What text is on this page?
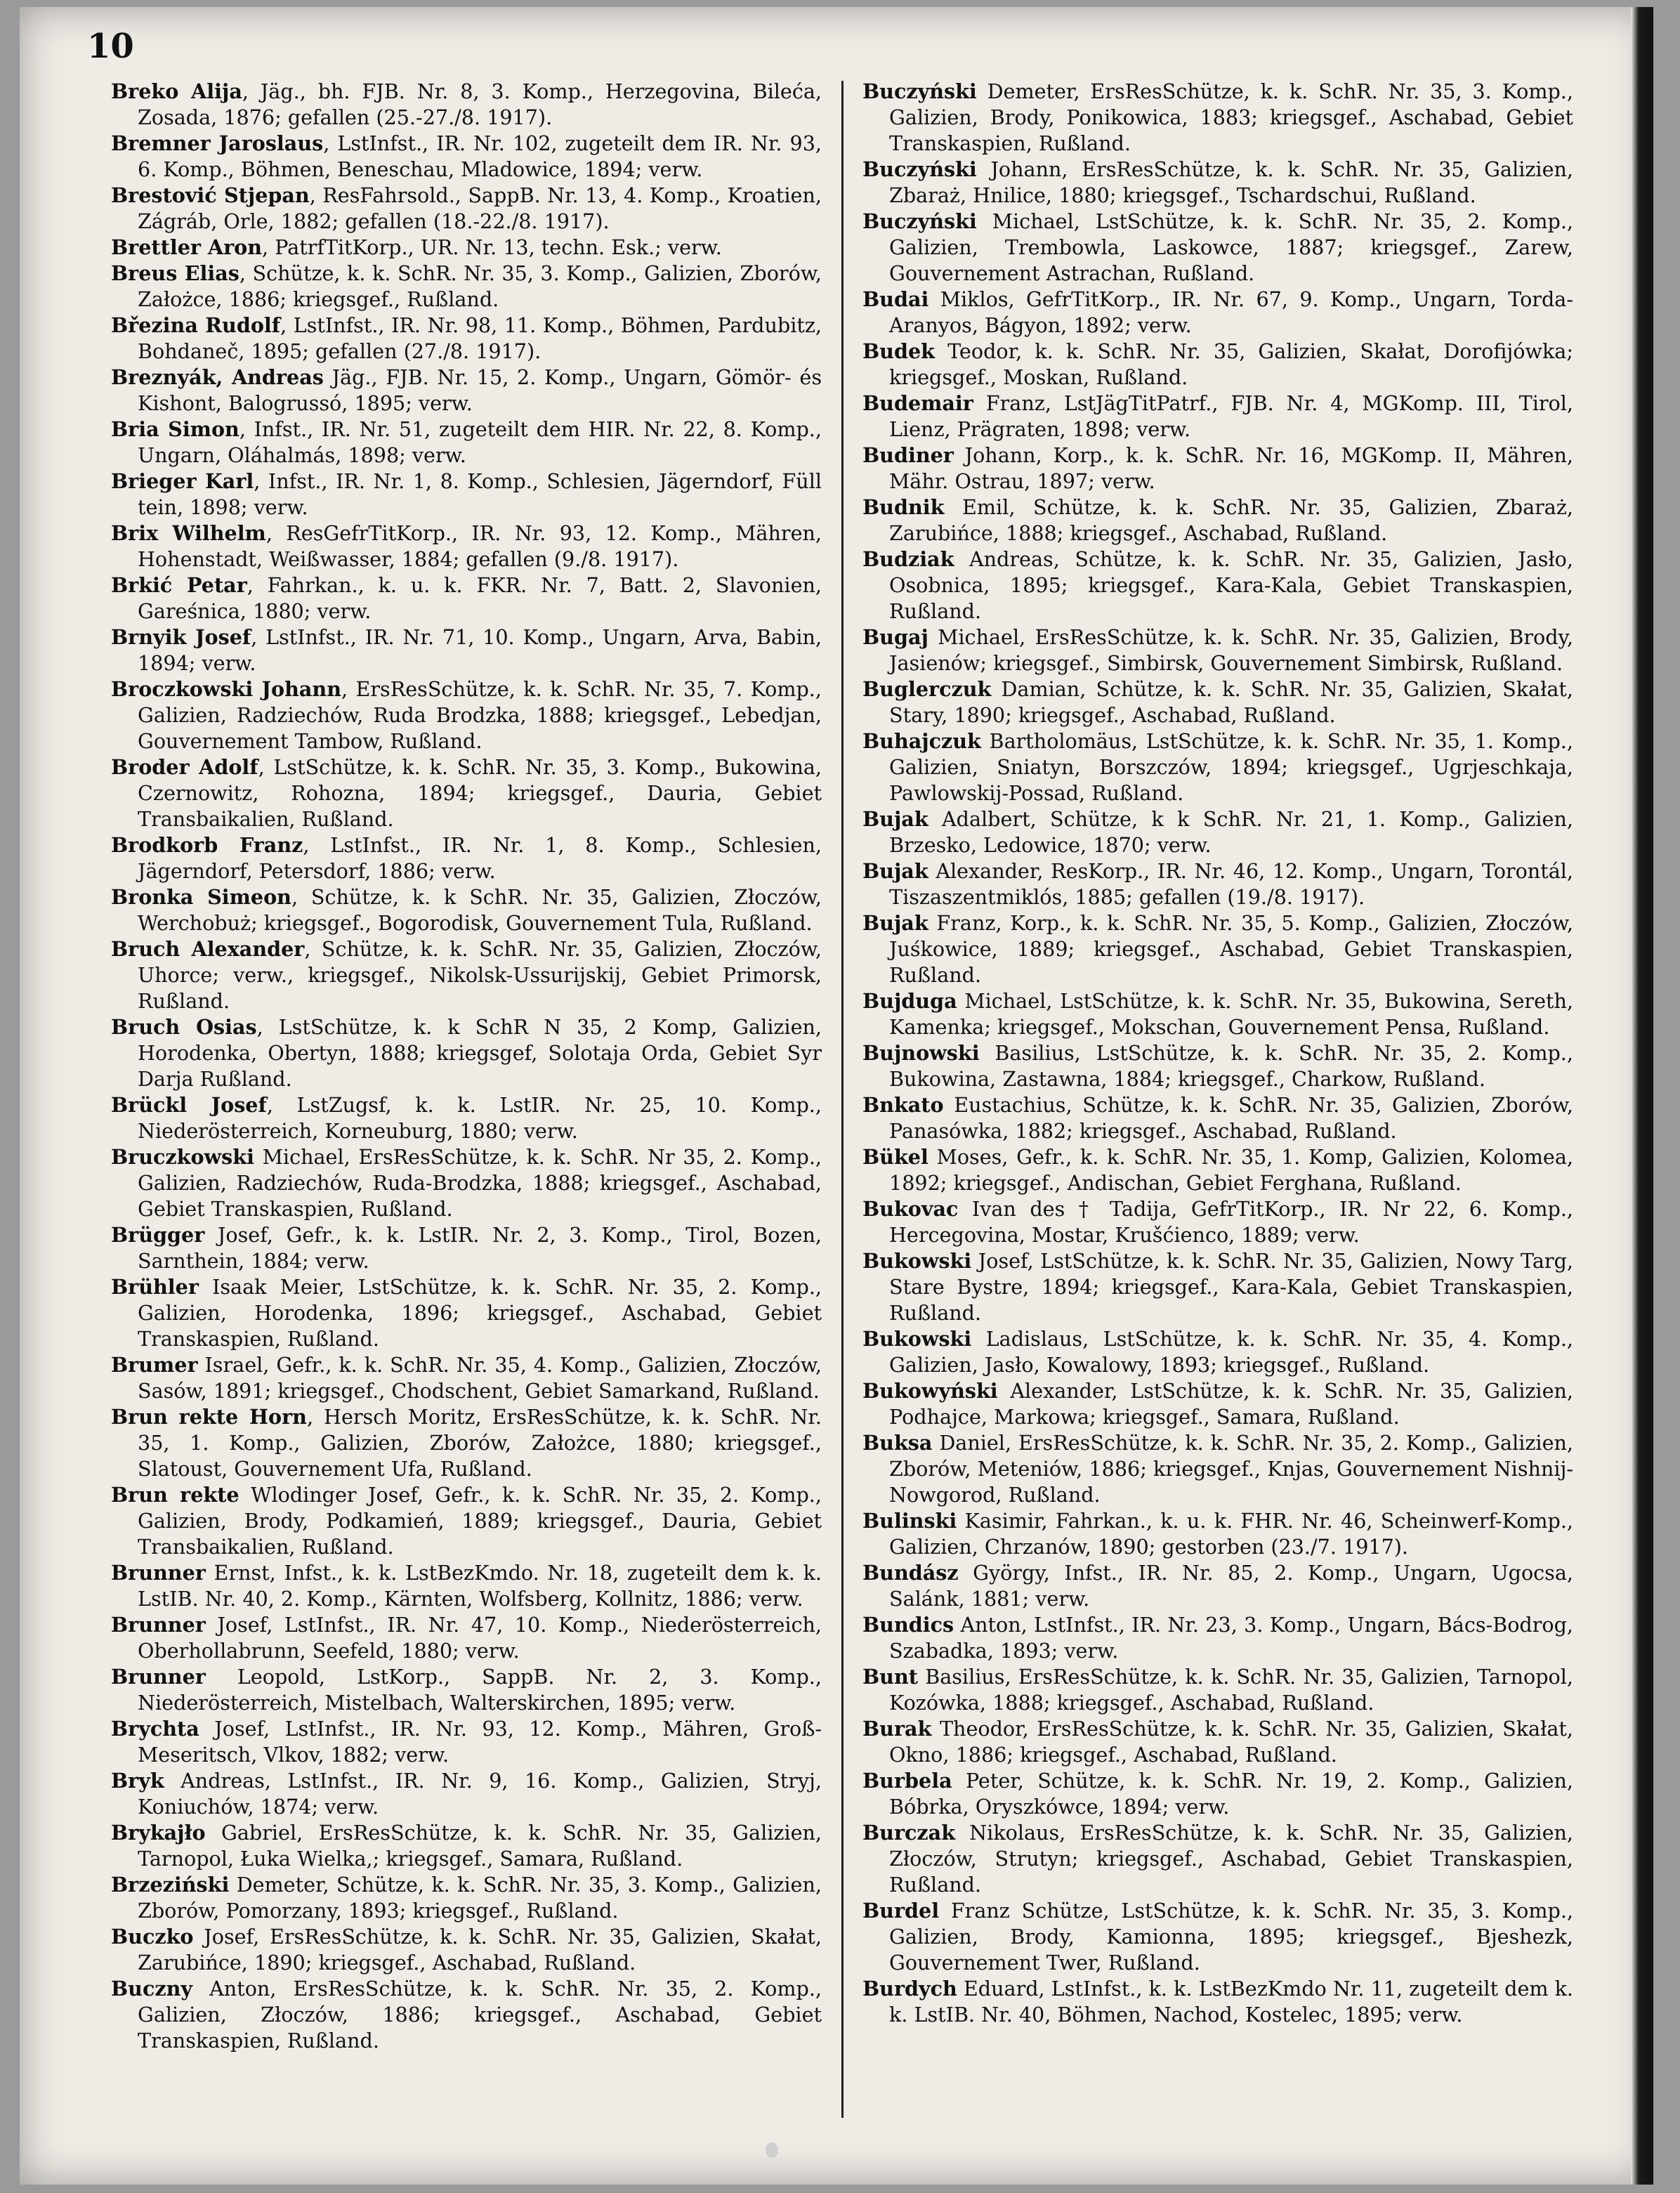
10

Breko Alija, Jäg., bh. FJB. Nr. 8, 3. Komp., Herzegovina, Bileća, Zosada, 1876; gefallen (25.-27./8. 1917).

Bremner Jaroslaus, LstInfst., IR. Nr. 102, zugeteilt dem IR. Nr. 93, 6. Komp., Böhmen, Beneschau, Mladowice, 1894; verw.

Brestović Stjepan, ResFahrsold., SappB. Nr. 13, 4. Komp., Kroatien, Zágráb, Orle, 1882; gefallen (18.-22./8. 1917).

Brettler Aron, PatrfTitKorp., UR. Nr. 13, techn. Esk.; verw.

Breus Elias, Schütze, k. k. SchR. Nr. 35, 3. Komp., Galizien, Zborów, Założce, 1886; kriegsgef., Rußland.

Březina Rudolf, LstInfst., IR. Nr. 98, 11. Komp., Böhmen, Pardubitz, Bohdaneč, 1895; gefallen (27./8. 1917).

Breznyák, Andreas Jäg., FJB. Nr. 15, 2. Komp., Ungarn, Gömör- és Kishont, Balogrussó, 1895; verw.

Bria Simon, Infst., IR. Nr. 51, zugeteilt dem HIR. Nr. 22, 8. Komp., Ungarn, Oláhalmás, 1898; verw.

Brieger Karl, Infst., IR. Nr. 1, 8. Komp., Schlesien, Jägerndorf, Füll tein, 1898; verw.

Brix Wilhelm, ResGefrTitKorp., IR. Nr. 93, 12. Komp., Mähren, Hohenstadt, Weißwasser, 1884; gefallen (9./8. 1917).

Brkić Petar, Fahrkan., k. u. k. FKR. Nr. 7, Batt. 2, Slavonien, Gareśnica, 1880; verw.

Brnyik Josef, LstInfst., IR. Nr. 71, 10. Komp., Ungarn, Arva, Babin, 1894; verw.

Broczkowski Johann, ErsResSchütze, k. k. SchR. Nr. 35, 7. Komp., Galizien, Radziechów, Ruda Brodzka, 1888; kriegsgef., Lebedjan, Gouvernement Tambow, Rußland.

Broder Adolf, LstSchütze, k. k. SchR. Nr. 35, 3. Komp., Bukowina, Czernowitz, Rohozna, 1894; kriegsgef., Dauria, Gebiet Transbaikalien, Rußland.

Brodkorb Franz, LstInfst., IR. Nr. 1, 8. Komp., Schlesien, Jägerndorf, Petersdorf, 1886; verw.

Bronka Simeon, Schütze, k. k SchR. Nr. 35, Galizien, Złoczów, Werchobuż; kriegsgef., Bogorodisk, Gouvernement Tula, Rußland.

Bruch Alexander, Schütze, k. k. SchR. Nr. 35, Galizien, Złoczów, Uhorce; verw., kriegsgef., Nikolsk-Ussurijskij, Gebiet Primorsk, Rußland.

Bruch Osias, LstSchütze, k. k SchR N 35, 2 Komp, Galizien, Horodenka, Obertyn, 1888; kriegsgef, Solotaja Orda, Gebiet Syr Darja Rußland.

Brückl Josef, LstZugsf, k. k. LstIR. Nr. 25, 10. Komp., Niederösterreich, Korneuburg, 1880; verw.

Bruczkowski Michael, ErsResSchütze, k. k. SchR. Nr 35, 2. Komp., Galizien, Radziechów, Ruda-Brodzka, 1888; kriegsgef., Aschabad, Gebiet Transkaspien, Rußland.

Brügger Josef, Gefr., k. k. LstIR. Nr. 2, 3. Komp., Tirol, Bozen, Sarnthein, 1884; verw.

Brühler Isaak Meier, LstSchütze, k. k. SchR. Nr. 35, 2. Komp., Galizien, Horodenka, 1896; kriegsgef., Aschabad, Gebiet Transkaspien, Rußland.

Brumer Israel, Gefr., k. k. SchR. Nr. 35, 4. Komp., Galizien, Złoczów, Sasów, 1891; kriegsgef., Chodschent, Gebiet Samarkand, Rußland.

Brun rekte Horn, Hersch Moritz, ErsResSchütze, k. k. SchR. Nr. 35, 1. Komp., Galizien, Zborów, Założce, 1880; kriegsgef., Slatoust, Gouvernement Ufa, Rußland.

Brun rekte Wlodinger Josef, Gefr., k. k. SchR. Nr. 35, 2. Komp., Galizien, Brody, Podkamień, 1889; kriegsgef., Dauria, Gebiet Transbaikalien, Rußland.

Brunner Ernst, Infst., k. k. LstBezKmdo. Nr. 18, zugeteilt dem k. k. LstIB. Nr. 40, 2. Komp., Kärnten, Wolfsberg, Kollnitz, 1886; verw.

Brunner Josef, LstInfst., IR. Nr. 47, 10. Komp., Niederösterreich, Oberhollabrunn, Seefeld, 1880; verw.

Brunner Leopold, LstKorp., SappB. Nr. 2, 3. Komp., Niederösterreich, Mistelbach, Walterskirchen, 1895; verw.

Brychta Josef, LstInfst., IR. Nr. 93, 12. Komp., Mähren, Groß-Meseritsch, Vlkov, 1882; verw.

Bryk Andreas, LstInfst., IR. Nr. 9, 16. Komp., Galizien, Stryj, Koniuchów, 1874; verw.

Brykajło Gabriel, ErsResSchütze, k. k. SchR. Nr. 35, Galizien, Tarnopol, Łuka Wielka,; kriegsgef., Samara, Rußland.

Brzeziński Demeter, Schütze, k. k. SchR. Nr. 35, 3. Komp., Galizien, Zborów, Pomorzany, 1893; kriegsgef., Rußland.

Buczko Josef, ErsResSchütze, k. k. SchR. Nr. 35, Galizien, Skałat, Zarubińce, 1890; kriegsgef., Aschabad, Rußland.

Buczny Anton, ErsResSchütze, k. k. SchR. Nr. 35, 2. Komp., Galizien, Złoczów, 1886; kriegsgef., Aschabad, Gebiet Transkaspien, Rußland.

Buczyński Demeter, ErsResSchütze, k. k. SchR. Nr. 35, 3. Komp., Galizien, Brody, Ponikowica, 1883; kriegsgef., Aschabad, Gebiet Transkaspien, Rußland.

Buczyński Johann, ErsResSchütze, k. k. SchR. Nr. 35, Galizien, Zbaraż, Hnilice, 1880; kriegsgef., Tschardschui, Rußland.

Buczyński Michael, LstSchütze, k. k. SchR. Nr. 35, 2. Komp., Galizien, Trembowla, Laskowce, 1887; kriegsgef., Zarew, Gouvernement Astrachan, Rußland.

Budai Miklos, GefrTitKorp., IR. Nr. 67, 9. Komp., Ungarn, Torda-Aranyos, Bágyon, 1892; verw.

Budek Teodor, k. k. SchR. Nr. 35, Galizien, Skałat, Dorofijówka; kriegsgef., Moskan, Rußland.

Budemair Franz, LstJägTitPatrf., FJB. Nr. 4, MGKomp. III, Tirol, Lienz, Prägraten, 1898; verw.

Budiner Johann, Korp., k. k. SchR. Nr. 16, MGKomp. II, Mähren, Mähr. Ostrau, 1897; verw.

Budnik Emil, Schütze, k. k. SchR. Nr. 35, Galizien, Zbaraż, Zarubińce, 1888; kriegsgef., Aschabad, Rußland.

Budziak Andreas, Schütze, k. k. SchR. Nr. 35, Galizien, Jasło, Osobnica, 1895; kriegsgef., Kara-Kala, Gebiet Transkaspien, Rußland.

Bugaj Michael, ErsResSchütze, k. k. SchR. Nr. 35, Galizien, Brody, Jasienów; kriegsgef., Simbirsk, Gouvernement Simbirsk, Rußland.

Buglerczuk Damian, Schütze, k. k. SchR. Nr. 35, Galizien, Skałat, Stary, 1890; kriegsgef., Aschabad, Rußland.

Buhajczuk Bartholomäus, LstSchütze, k. k. SchR. Nr. 35, 1. Komp., Galizien, Sniatyn, Borszczów, 1894; kriegsgef., Ugrjeschkaja, Pawlowskij-Possad, Rußland.

Bujak Adalbert, Schütze, k k SchR. Nr. 21, 1. Komp., Galizien, Brzesko, Ledowice, 1870; verw.

Bujak Alexander, ResKorp., IR. Nr. 46, 12. Komp., Ungarn, Torontál, Tiszaszentmiklós, 1885; gefallen (19./8. 1917).

Bujak Franz, Korp., k. k. SchR. Nr. 35, 5. Komp., Galizien, Złoczów, Juśkowice, 1889; kriegsgef., Aschabad, Gebiet Transkaspien, Rußland.

Bujduga Michael, LstSchütze, k. k. SchR. Nr. 35, Bukowina, Sereth, Kamenka; kriegsgef., Mokschan, Gouvernement Pensa, Rußland.

Bujnowski Basilius, LstSchütze, k. k. SchR. Nr. 35, 2. Komp., Bukowina, Zastawna, 1884; kriegsgef., Charkow, Rußland.

Bnkato Eustachius, Schütze, k. k. SchR. Nr. 35, Galizien, Zborów, Panasówka, 1882; kriegsgef., Aschabad, Rußland.

Bükel Moses, Gefr., k. k. SchR. Nr. 35, 1. Komp, Galizien, Kolomea, 1892; kriegsgef., Andischan, Gebiet Ferghana, Rußland.

Bukovac Ivan des † Tadija, GefrTitKorp., IR. Nr 22, 6. Komp., Hercegovina, Mostar, Krušćienco, 1889; verw.

Bukowski Josef, LstSchütze, k. k. SchR. Nr. 35, Galizien, Nowy Targ, Stare Bystre, 1894; kriegsgef., Kara-Kala, Gebiet Transkaspien, Rußland.

Bukowski Ladislaus, LstSchütze, k. k. SchR. Nr. 35, 4. Komp., Galizien, Jasło, Kowalowy, 1893; kriegsgef., Rußland.

Bukowyński Alexander, LstSchütze, k. k. SchR. Nr. 35, Galizien, Podhajce, Markowa; kriegsgef., Samara, Rußland.

Buksa Daniel, ErsResSchütze, k. k. SchR. Nr. 35, 2. Komp., Galizien, Zborów, Meteniów, 1886; kriegsgef., Knjas, Gouvernement Nishnij-Nowgorod, Rußland.

Bulinski Kasimir, Fahrkan., k. u. k. FHR. Nr. 46, Scheinwerf-Komp., Galizien, Chrzanów, 1890; gestorben (23./7. 1917).

Bundász György, Infst., IR. Nr. 85, 2. Komp., Ungarn, Ugocsa, Salánk, 1881; verw.

Bundics Anton, LstInfst., IR. Nr. 23, 3. Komp., Ungarn, Bács-Bodrog, Szabadka, 1893; verw.

Bunt Basilius, ErsResSchütze, k. k. SchR. Nr. 35, Galizien, Tarnopol, Kozówka, 1888; kriegsgef., Aschabad, Rußland.

Burak Theodor, ErsResSchütze, k. k. SchR. Nr. 35, Galizien, Skałat, Okno, 1886; kriegsgef., Aschabad, Rußland.

Burbela Peter, Schütze, k. k. SchR. Nr. 19, 2. Komp., Galizien, Bóbrka, Oryszkówce, 1894; verw.

Burczak Nikolaus, ErsResSchütze, k. k. SchR. Nr. 35, Galizien, Złoczów, Strutyn; kriegsgef., Aschabad, Gebiet Transkaspien, Rußland.

Burdel Franz Schütze, LstSchütze, k. k. SchR. Nr. 35, 3. Komp., Galizien, Brody, Kamionna, 1895; kriegsgef., Bjeshezk, Gouvernement Twer, Rußland.

Burdych Eduard, LstInfst., k. k. LstBezKmdo Nr. 11, zugeteilt dem k. k. LstIB. Nr. 40, Böhmen, Nachod, Kostelec, 1895; verw.
